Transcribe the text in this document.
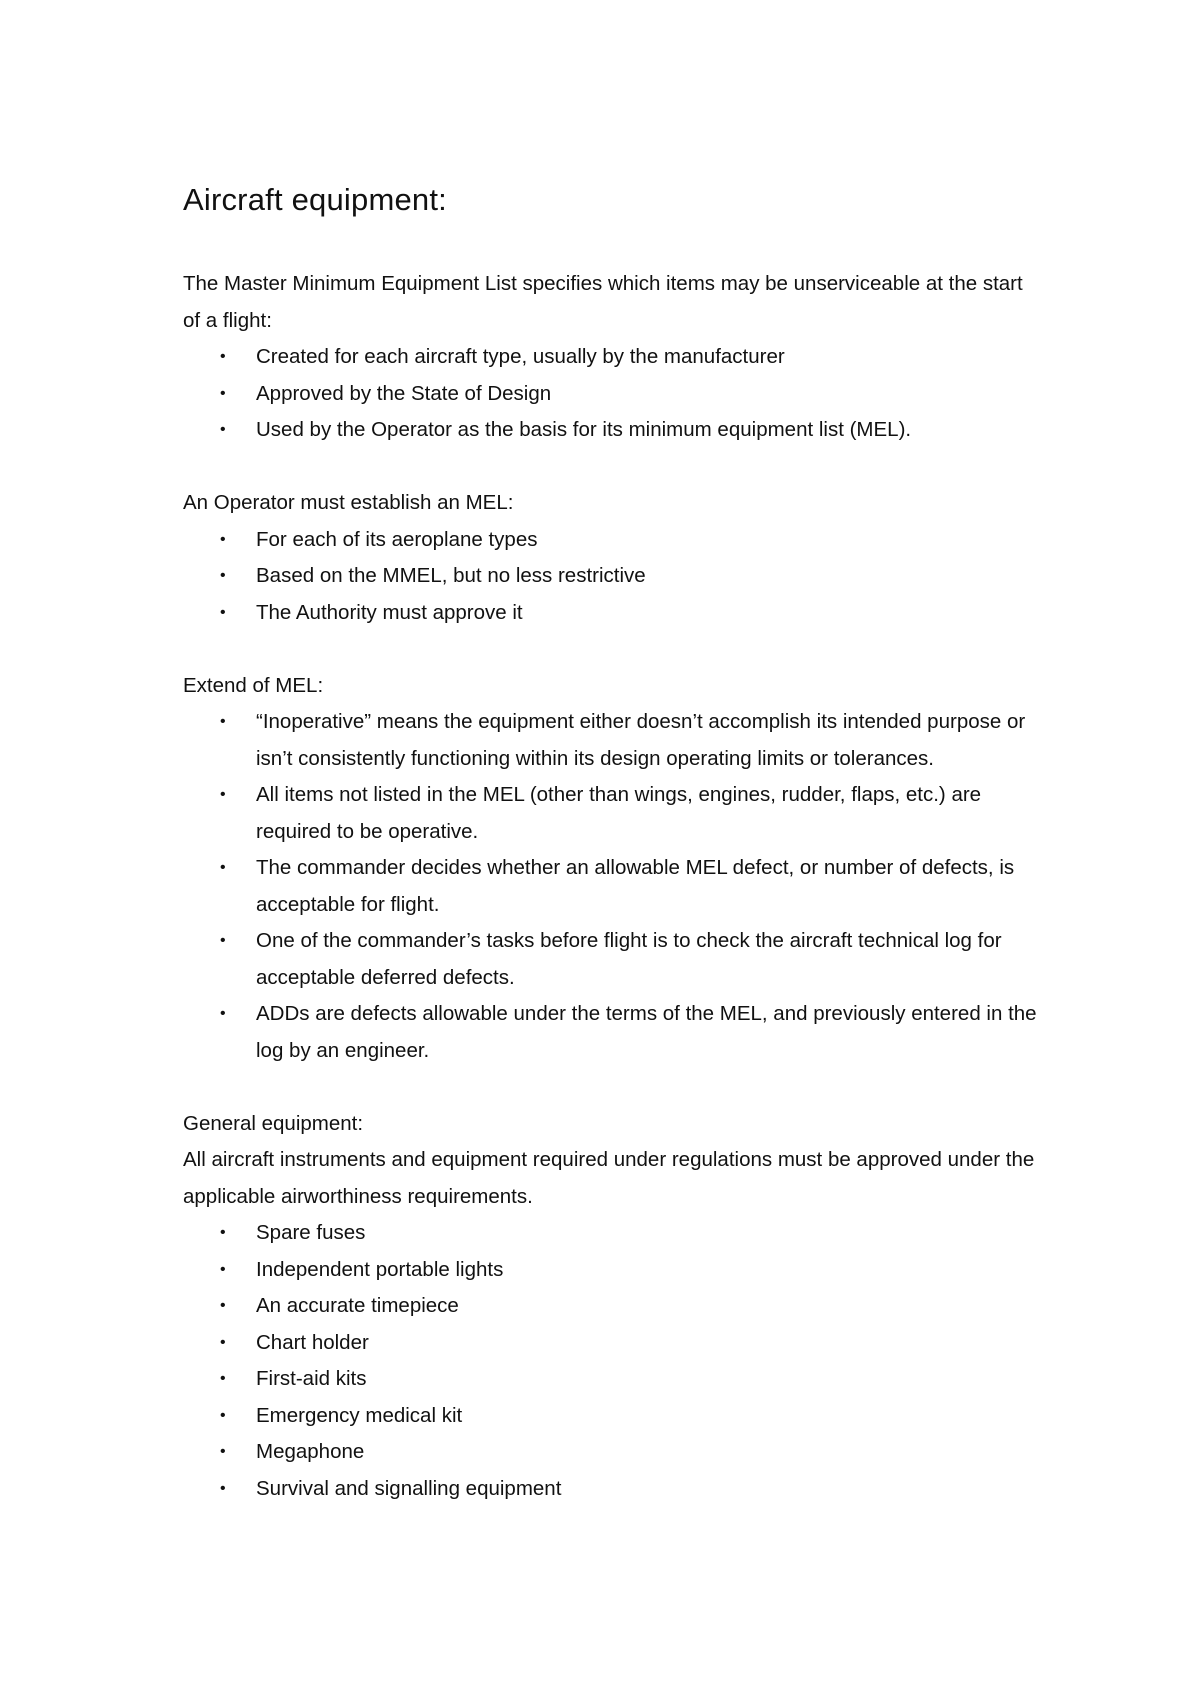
Aircraft equipment:

The Master Minimum Equipment List specifies which items may be unserviceable at the start of a flight:

• Created for each aircraft type, usually by the manufacturer
• Approved by the State of Design
• Used by the Operator as the basis for its minimum equipment list (MEL).

An Operator must establish an MEL:

• For each of its aeroplane types
• Based on the MMEL, but no less restrictive
• The Authority must approve it

Extend of MEL:

• “Inoperative” means the equipment either doesn’t accomplish its intended purpose or isn’t consistently functioning within its design operating limits or tolerances.
• All items not listed in the MEL (other than wings, engines, rudder, flaps, etc.) are required to be operative.
• The commander decides whether an allowable MEL defect, or number of defects, is acceptable for flight.
• One of the commander’s tasks before flight is to check the aircraft technical log for acceptable deferred defects.
• ADDs are defects allowable under the terms of the MEL, and previously entered in the log by an engineer.

General equipment:

All aircraft instruments and equipment required under regulations must be approved under the applicable airworthiness requirements.

• Spare fuses
• Independent portable lights
• An accurate timepiece
• Chart holder
• First-aid kits
• Emergency medical kit
• Megaphone
• Survival and signalling equipment
